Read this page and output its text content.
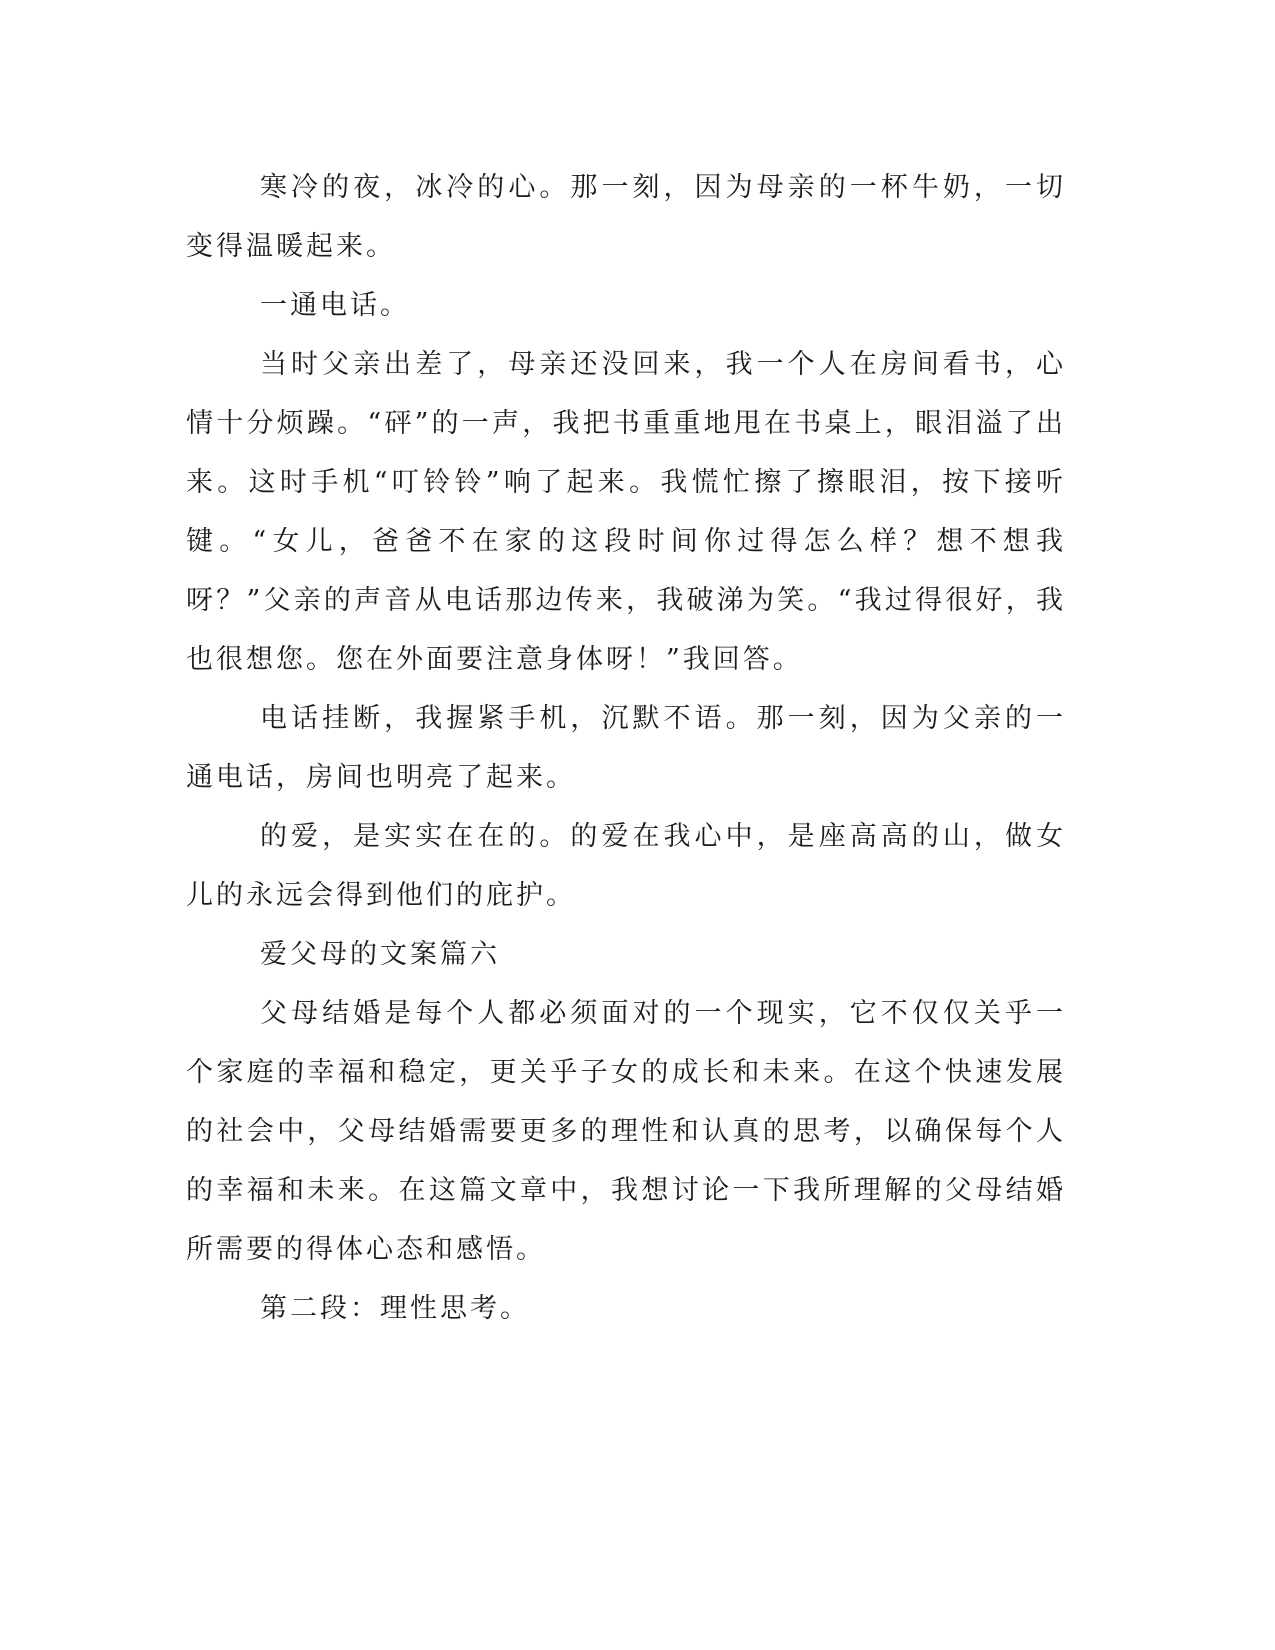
寒冷的夜，冰冷的心。那一刻，因为母亲的一杯牛奶，一切变得温暖起来。

一通电话。

当时父亲出差了，母亲还没回来，我一个人在房间看书，心情十分烦躁。“砰”的一声，我把书重重地甩在书桌上，眼泪溢了出来。这时手机“叮铃铃”响了起来。我慌忙擦了擦眼泪，按下接听键。“女儿，爸爸不在家的这段时间你过得怎么样？想不想我呀？”父亲的声音从电话那边传来，我破涕为笑。“我过得很好，我也很想您。您在外面要注意身体呀！”我回答。

电话挂断，我握紧手机，沉默不语。那一刻，因为父亲的一通电话，房间也明亮了起来。

的爱，是实实在在的。的爱在我心中，是座高高的山，做女儿的永远会得到他们的庇护。

爱父母的文案篇六

父母结婚是每个人都必须面对的一个现实，它不仅仅关乎一个家庭的幸福和稳定，更关乎子女的成长和未来。在这个快速发展的社会中，父母结婚需要更多的理性和认真的思考，以确保每个人的幸福和未来。在这篇文章中，我想讨论一下我所理解的父母结婚所需要的得体心态和感悟。

第二段：理性思考。
